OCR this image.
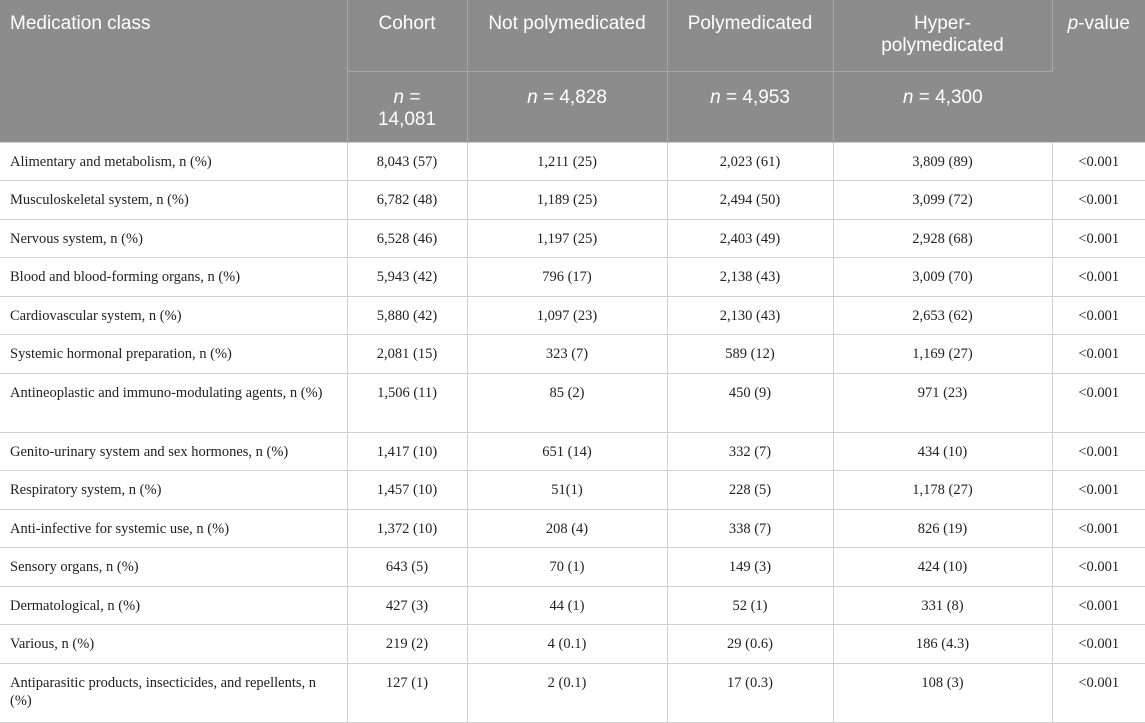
Medication class	Cohort	Not polymedicated	Polymedicated	Hyper-polymedicated	p-value
	n = 14,081	n = 4,828	n = 4,953	n = 4,300	
Alimentary and metabolism, n (%)	8,043 (57)	1,211 (25)	2,023 (61)	3,809 (89)	<0.001
Musculoskeletal system, n (%)	6,782 (48)	1,189 (25)	2,494 (50)	3,099 (72)	<0.001
Nervous system, n (%)	6,528 (46)	1,197 (25)	2,403 (49)	2,928 (68)	<0.001
Blood and blood-forming organs, n (%)	5,943 (42)	796 (17)	2,138 (43)	3,009 (70)	<0.001
Cardiovascular system, n (%)	5,880 (42)	1,097 (23)	2,130 (43)	2,653 (62)	<0.001
Systemic hormonal preparation, n (%)	2,081 (15)	323 (7)	589 (12)	1,169 (27)	<0.001
Antineoplastic and immuno-modulating agents, n (%)	1,506 (11)	85 (2)	450 (9)	971 (23)	<0.001
Genito-urinary system and sex hormones, n (%)	1,417 (10)	651 (14)	332 (7)	434 (10)	<0.001
Respiratory system, n (%)	1,457 (10)	51(1)	228 (5)	1,178 (27)	<0.001
Anti-infective for systemic use, n (%)	1,372 (10)	208 (4)	338 (7)	826 (19)	<0.001
Sensory organs, n (%)	643 (5)	70 (1)	149 (3)	424 (10)	<0.001
Dermatological, n (%)	427 (3)	44 (1)	52 (1)	331 (8)	<0.001
Various, n (%)	219 (2)	4 (0.1)	29 (0.6)	186 (4.3)	<0.001
Antiparasitic products, insecticides, and repellents, n (%)	127 (1)	2 (0.1)	17 (0.3)	108 (3)	<0.001
